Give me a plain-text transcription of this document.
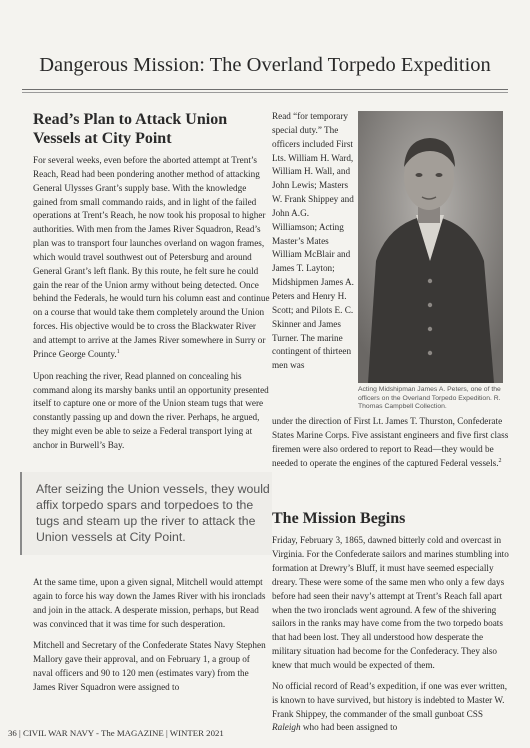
Dangerous Mission: The Overland Torpedo Expedition
Read’s Plan to Attack Union Vessels at City Point

For several weeks, even before the aborted attempt at Trent’s Reach, Read had been pondering another method of attacking General Ulysses Grant’s supply base. With the knowledge gained from small commando raids, and in light of the failed operations at Trent’s Reach, he now took his proposal to higher authorities. With men from the James River Squadron, Read’s plan was to transport four launches overland on wagon frames, which would travel southwest out of Petersburg and around General Grant’s left flank. By this route, he felt sure he could gain the rear of the Union army without being detected. Once behind the Federals, he would turn his column east and continue on a course that would take them completely around the Union forces. His objective would be to cross the Blackwater River and attempt to arrive at the James River somewhere in Surry or Prince George County.$^1$

Upon reaching the river, Read planned on concealing his command along its marshy banks until an opportunity presented itself to capture one or more of the Union steam tugs that were constantly passing up and down the river. Perhaps, he argued, they might even be able to seize a Federal transport lying at anchor in Burwell’s Bay.

After seizing the Union vessels, they would affix torpedo spars and torpedoes to the tugs and steam up the river to attack the Union vessels at City Point.

At the same time, upon a given signal, Mitchell would attempt again to force his way down the James River with his ironclads and join in the attack. A desperate mission, perhaps, but Read was convinced that it was time for such desperation.

Mitchell and Secretary of the Confederate States Navy Stephen Mallory gave their approval, and on February 1, a group of naval officers and 90 to 120 men (estimates vary) from the James River Squadron were assigned to

Read “for temporary special duty.” The officers included First Lts. William H. Ward, William H. Wall, and John Lewis; Masters W. Frank Shippey and John A.G. Williamson; Acting Master’s Mates William McBlair and James T. Layton; Midshipmen James A. Peters and Henry H. Scott; and Pilots E. C. Skinner and James Turner. The marine contingent of thirteen men was

Acting Midshipman James A. Peters, one of the officers on the Overland Torpedo Expedition. R. Thomas Campbell Collection.

under the direction of First Lt. James T. Thurston, Confederate States Marine Corps. Five assistant engineers and five first class firemen were also ordered to report to Read—they would be needed to operate the engines of the captured Federal vessels.$^2$

The Mission Begins

Friday, February 3, 1865, dawned bitterly cold and overcast in Virginia. For the Confederate sailors and marines stumbling into formation at Drewry’s Bluff, it must have seemed especially dreary. These were some of the same men who only a few days before had seen their navy’s attempt at Trent’s Reach fall apart when the two ironclads went aground. A few of the shivering sailors in the ranks may have come from the two torpedo boats that had been lost. They all understood how desperate the military situation had become for the Confederacy. They also knew that much would be expected of them.

No official record of Read’s expedition, if one was ever written, is known to have survived, but history is indebted to Master W. Frank Shippey, the commander of the small gunboat CSS Raleigh who had been assigned to

36 | CIVIL WAR NAVY - The MAGAZINE | WINTER 2021
